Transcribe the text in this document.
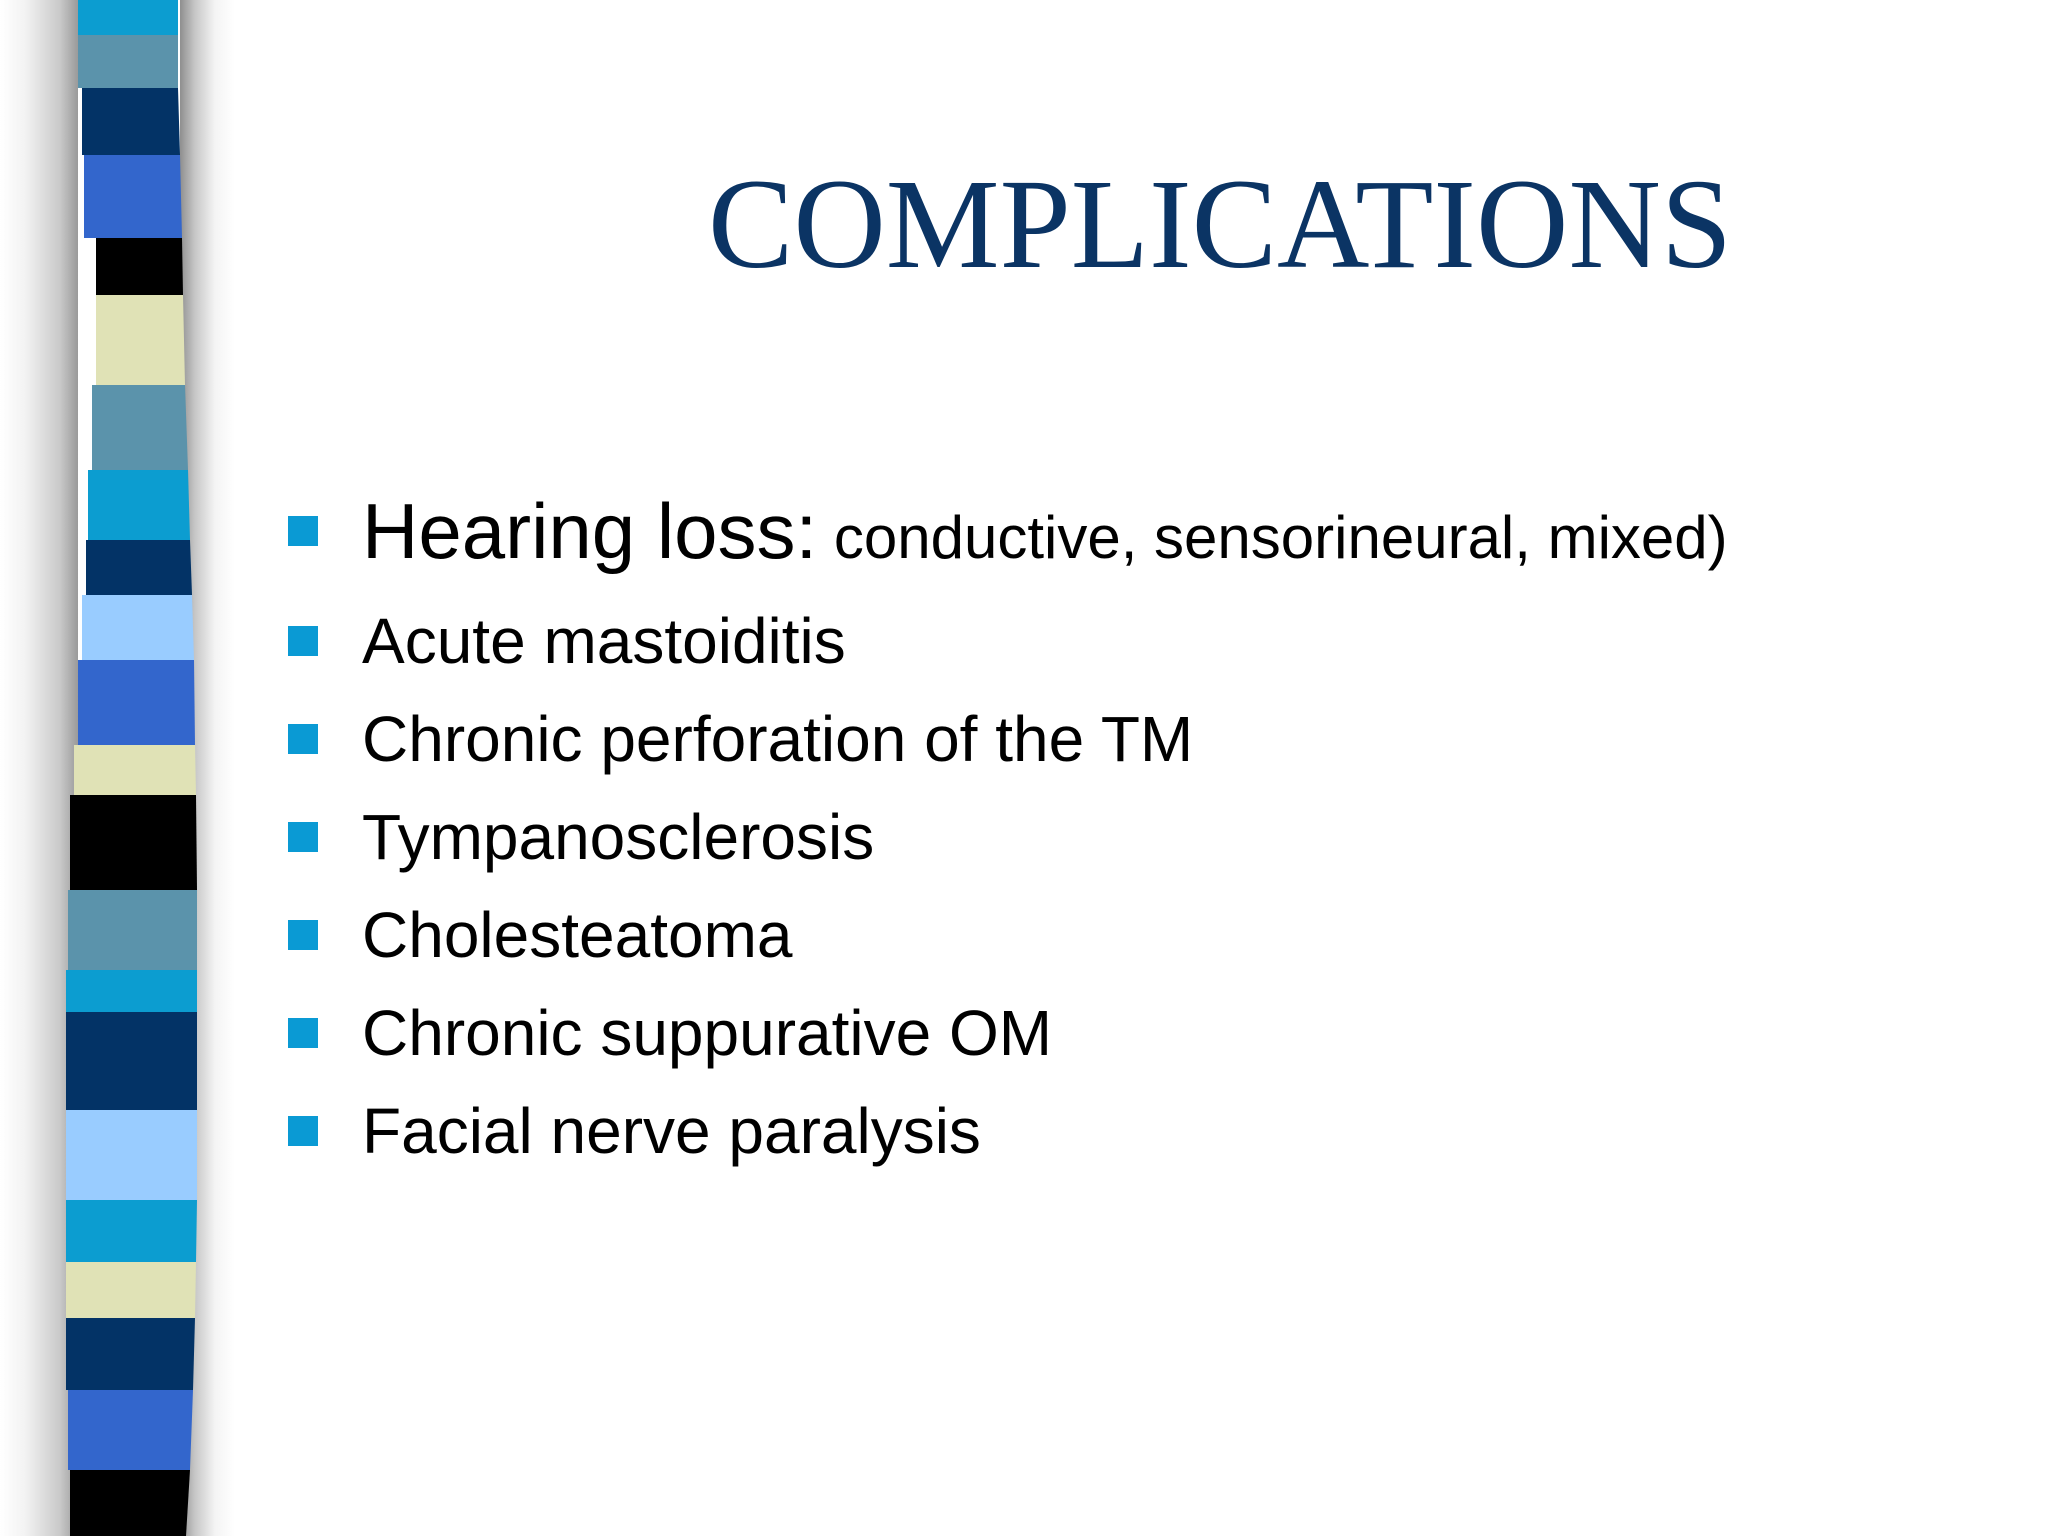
COMPLICATIONS
Hearing loss: conductive, sensorineural, mixed)
Acute mastoiditis
Chronic perforation of the TM
Tympanosclerosis
Cholesteatoma
Chronic suppurative OM
Facial nerve paralysis
